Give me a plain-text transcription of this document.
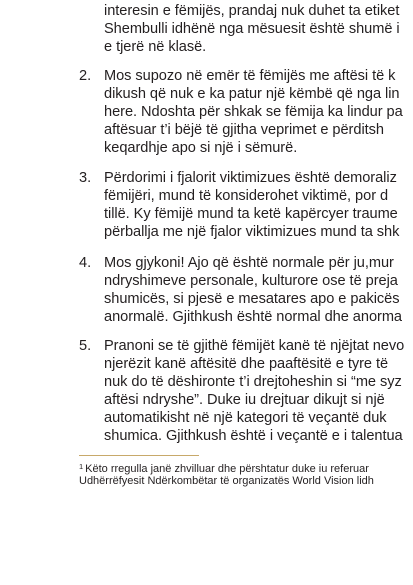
interesin e fëmijës, prandaj nuk duhet ta etiket
Shembulli idhënë nga mësuesit është shumë i
e tjerë në klasë.
2. Mos supozo në emër të fëmijës me aftësi të k
dikush që nuk e ka patur një këmbë që nga lin
here. Ndoshta për shkak se fëmija ka lindur pa
aftësuar t’i bëjë të gjitha veprimet e përditsh
keqardhje apo si një i sëmurë.
3. Përdorimi i fjalorit viktimizues është demoraliz
fëmijëri, mund të konsiderohet viktimë, por d
tillë. Ky fëmijë mund ta ketë kapërcyer traume
përballja me një fjalor viktimizues mund ta shk
4. Mos gjykoni! Ajo që është normale për ju,mur
ndryshimeve personale, kulturore ose të preja
shumicës, si pjesë e mesatares apo e pakicës
anormalë. Gjithkush është normal dhe anorma
5. Pranoni se të gjithë fëmijët kanë të njëjtat nevo
njerëzit kanë aftësitë dhe paaftësitë e tyre të
nuk do të dëshironte t’i drejtoheshin si “me syz
aftësi ndryshe”. Duke iu drejtuar dikujt si një
automatikisht në një kategori të veçantë duk
shumica. Gjithkush është i veçantë e i talentua
$^1$ Këto rregulla janë zhvilluar dhe përshtatur duke iu referuar
Udhërrëfyesit Ndërkombëtar të organizatës World Vision lidh
